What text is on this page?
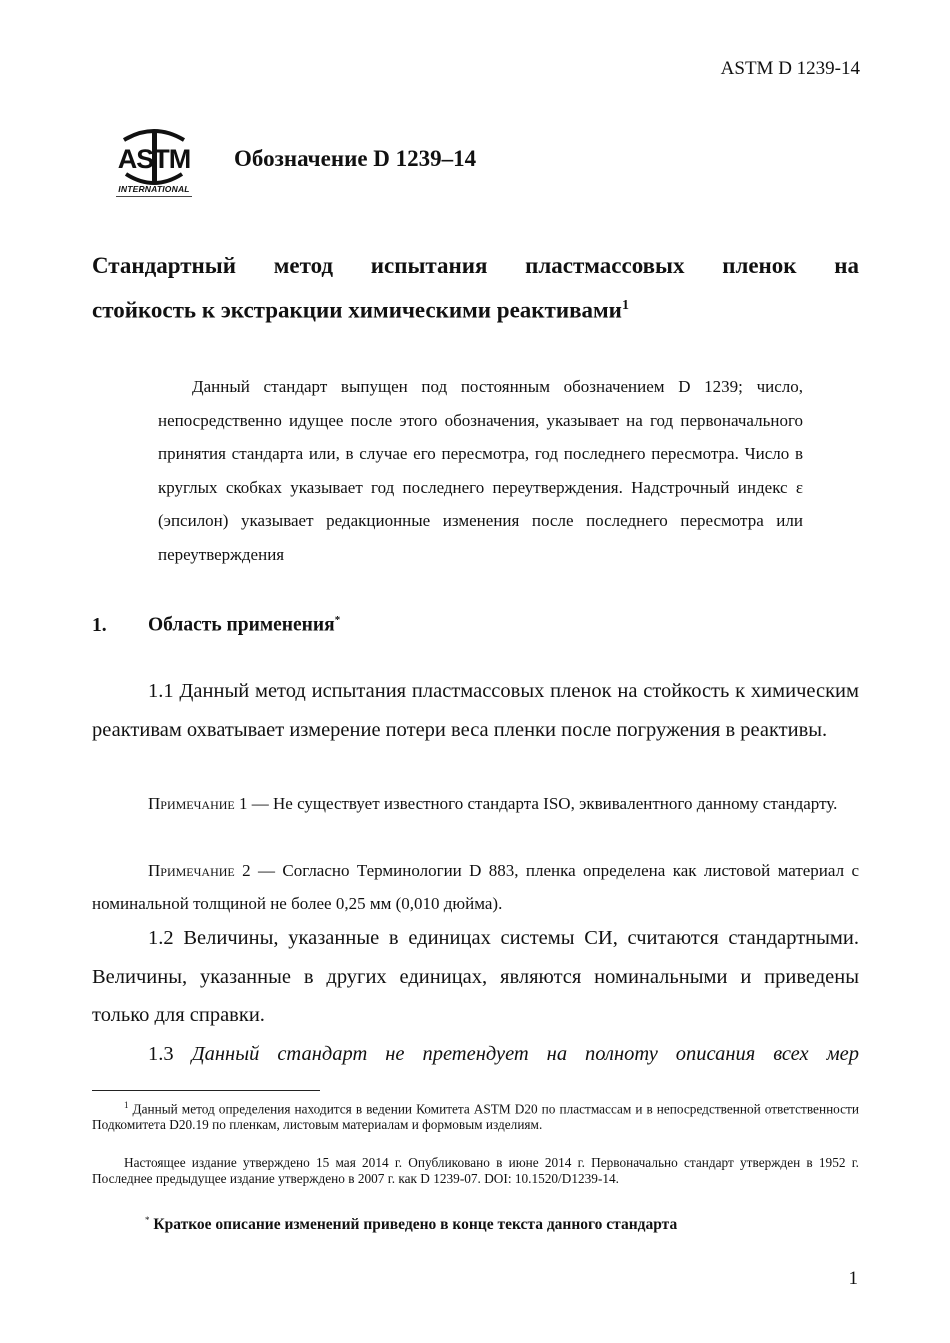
ASTM D 1239-14
ASTM
INTERNATIONAL
Обозначение D 1239–14

Стандартный метод испытания пластмассовых пленок на

стойкость к экстракции химическими реактивами$^1$

Данный стандарт выпущен под постоянным обозначением D 1239; число, непосредственно идущее после этого обозначения, указывает на год первоначального принятия стандарта или, в случае его пересмотра, год последнего пересмотра. Число в круглых скобках указывает год последнего переутверждения. Надстрочный индекс ε (эпсилон) указывает редакционные изменения после последнего пересмотра или переутверждения
1. Область применения*

1.1 Данный метод испытания пластмассовых пленок на стойкость к химическим реактивам охватывает измерение потери веса пленки после погружения в реактивы.

Примечание 1 — Не существует известного стандарта ISO, эквивалентного данному стандарту.

Примечание 2 — Согласно Терминологии D 883, пленка определена как листовой материал с номинальной толщиной не более 0,25 мм (0,010 дюйма).

1.2 Величины, указанные в единицах системы СИ, считаются стандартными. Величины, указанные в других единицах, являются номинальными и приведены только для справки.

1.3 Данный стандарт не претендует на полноту описания всех мер

$^1$ Данный метод определения находится в ведении Комитета ASTM D20 по пластмассам и в непосредственной ответственности Подкомитета D20.19 по пленкам, листовым материалам и формовым изделиям.

Настоящее издание утверждено 15 мая 2014 г. Опубликовано в июне 2014 г. Первоначально стандарт утвержден в 1952 г. Последнее предыдущее издание утверждено в 2007 г. как D 1239-07. DOI: 10.1520/D1239-14.

* Краткое описание изменений приведено в конце текста данного стандарта
1
